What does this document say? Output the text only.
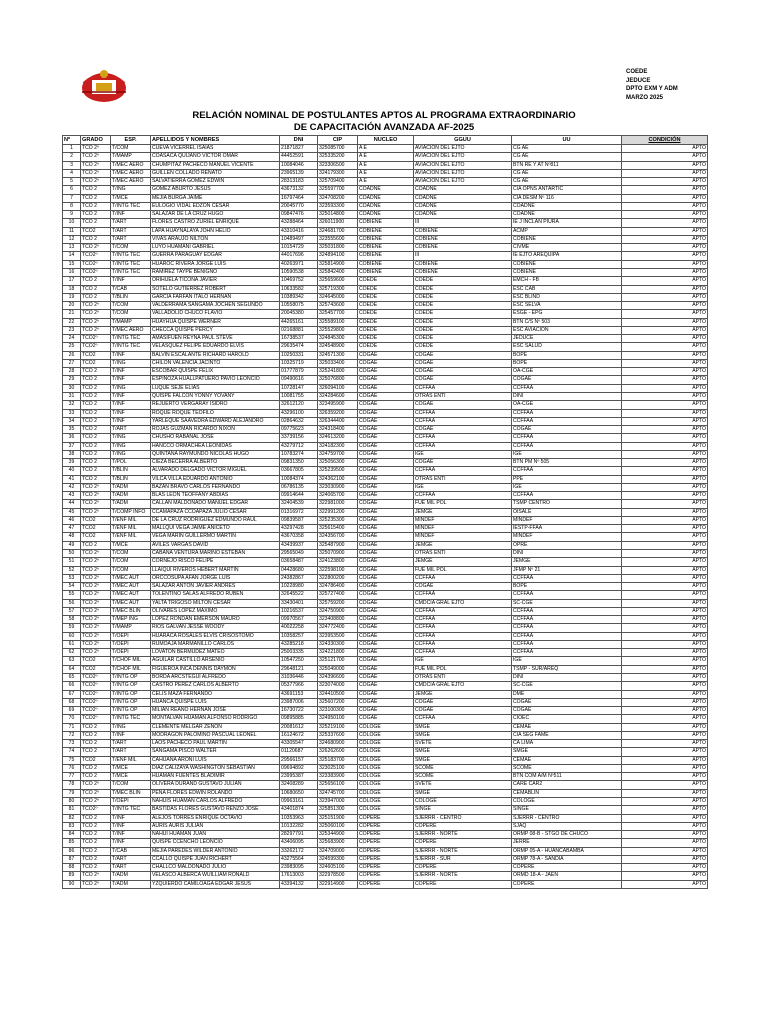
COEDE
JEDUCE
DPTO EXM Y ADM
MARZO 2025
RELACIÓN NOMINAL DE POSTULANTES APTOS AL PROGRAMA EXTRAORDINARIO
DE CAPACITACIÓN AVANZADA AF-2025
Nº	GRADO	ESP.	APELLIDOS Y NOMBRES	DNI	CIP	NUCLEO	GGUU	UU	CONDICIÓN
1	TCO 2º	T/COM	CUEVA VICERREL ISAIAS	21871827	325085700	A E	AVIACION DEL EJTO	CG AE	APTO
2	TCO 2º	T/MAMP	COASACA QUIJANO VICTOR OMAR	44452591	325335200	A E	AVIACION DEL EJTO	CG AE	APTO
3	TCO 2º	T/MEC AERO	CHUMPITAZ PACHECO MANUEL VICENTE	10084046	323306500	A E	AVIACION DEL EJTO	BTN RE Y AT Nº811	APTO
4	TCO 2º	T/MEC AERO	GUILLEN COLLADO RENATO	23965139	324179300	A E	AVIACION DEL EJTO	CG AE	APTO
5	TCO 2º	T/MEC AERO	SALVATIERRA GOMEZ EDWIN	28313183	325709400	A E	AVIACION DEL EJTO	CG AE	APTO
6	TCO 2	T/ING	GOMEZ ABURTO JESUS	43673132	325597700	COADNE	COADNE	CIA OPNS ANTARTIC	APTO
7	TCO 2	T/MCE	MEJIA BURGA JAIME	16797464	324708200	COADNE	COADNE	CIA DESM Nº 116	APTO
8	TCO 2	T/INTG TEC	EULOGIO VIDAL EDZON CESAR	20045770	323593300	COADNE	COADNE	COADNE	APTO
9	TCO 2	T/INF	SALAZAR DE LA CRUZ HUGO	09847476	325014800	COADNE	COADNE	COADNE	APTO
10	TCO 2	T/ART	FLORES CASTRO ZURIEL ENRIQUE	43288464	326011900	COBIENE	III	IE J INCLAN PIURA	APTO
11	TCO2	T/ART	LAPA HUAYNALAYA JOHN HELIO	43310416	324681700	COBIENE	COBIENE	ACMP	APTO
12	TCO 2	T/ART	VIVAS ARAUJO NILTON	10489497	323555600	COBIENE	COBIENE	COBIENE	APTO
13	TCO 2º	T/COM	LUYO HUAMANI GABRIEL	10154729	325031800	COBIENE	COBIENE	CIVME	APTO
14	TCO2º	T/INTG TEC	GUERRA PARAGUAY EDGAR	44017696	324894100	COBIENE	III	IE EJTO AREQUIPA	APTO
15	TCO2º	T/INTG TEC	HUAROC RIVERA JORGE LUIS	40263971	325814900	COBIENE	COBIENE	COBIENE	APTO
16	TCO2º	T/INTG TEC	RAMIREZ TAYPE BENIGNO	10590538	325842400	COBIENE	COBIENE	COBIENE	APTO
17	TCO 2	T/INF	ORIHUELA TICONA JAVIER	10469752	325659600	COEDE	COEDE	EMCH - FB	APTO
18	TCO 2	T/CAB	SOTELO GUTIERREZ ROBERT	10633582	325719300	COEDE	COEDE	ESC CAB	APTO
19	TCO 2	T/BLIN	GARCIA FARFAN ITALO HERNAN	10389342	324645000	COEDE	COEDE	ESC BLIND	APTO
20	TCO 2º	T/COM	VALDERRAMA SANGAMA JOCHEN SEGUNDO	10558075	325743600	COEDE	COEDE	ESC SELVA	APTO
21	TCO 2º	T/COM	VALLADOLID CHUCO FLAVIO	20045380	325457700	COEDE	COEDE	ESGE - EPG	APTO
22	TCO 2º	T/MAMP	HUAYHUA QUISPE WERNER	44265161	325589100	COEDE	COEDE	BTN C/S Nº 503	APTO
23	TCO 2º	T/MEC AERO	CHECCA QUISPE PERCY	02168881	325529800	COEDE	COEDE	ESC AVIACION	APTO
24	TCO2º	T/INTG TEC	AMASIFUEN REYNA PAUL STEVE	16738537	324845300	COEDE	COEDE	JEDUCE	APTO
25	TCO2º	T/INTG TEC	VELASQUEZ FELIPE EDUARDO ELVIS	29635474	324548900	COEDE	COEDE	ESC SALUD	APTO
26	TCO2	T/INF	BALVIN ESCALANTE RICHARD HAROLD	10250331	324571300	COGAE	COGAE	BOPE	APTO
27	TCO2	T/ING	CHILON VALENCIA JACINTO	10325719	325033400	COGAE	COGAE	BOPE	APTO
28	TCO 2	T/INF	ESCOBAR QUISPE FELIX	01777879	325241800	COGAE	COGAE	OA-CGE	APTO
29	TCO 2	T/INF	ESPINOZA HUALLPATUERO PAVIO LEONCIO	09490616	325076800	COGAE	COGAE	COGAE	APTO
30	TCO 2	T/ING	LUQUE SEJE ELIAS	10728147	326094100	COGAE	CCFFAA	CCFFAA	APTO
31	TCO 2	T/INF	QUISPE FALCON YONNY YOVANY	10081755	324284600	COGAE	OTRAS ENTI	DINI	APTO
32	TCO 2	T/INF	REJUERTO VERGARAY ISIDRO	32612120	323495900	COGAE	COGAE	OA-CGE	APTO
33	TCO 2	T/INF	ROQUE ROQUE TEOFILO	43296100	326359200	COGAE	CCFFAA	CCFFAA	APTO
34	TCO 2	T/INF	YARLEQUE SAAVEDRA EDWARD ALEJANDRO	02864632	326344400	COGAE	CCFFAA	CCFFAA	APTO
35	TCO 2	T/ART	ROJAS GUZMAN RICARDO NIXON	09775623	324318400	COGAE	COGAE	COGAE	APTO
36	TCO 2	T/ING	CHUSHO RABANAL JOSE	33739156	324613200	COGAE	CCFFAA	CCFFAA	APTO
37	TCO 2	T/ING	HANCCO ORMACHEA LEONIDAS	43279712	324182300	COGAE	CCFFAA	CCFFAA	APTO
38	TCO 2	T/ING	QUINTANA RAYMUNDO NICOLAS HUGO	10783274	324759700	COGAE	IGE	IGE	APTO
39	TCO 2	T/POL	CIEZA BECERRA ALBERTO	09831350	325056300	COGAE	COGAE	BTN PM Nº 505	APTO
40	TCO 2	T/BLIN	ALVARADO DELGADO VICTOR MIGUEL	03667805	325239500	COGAE	CCFFAA	CCFFAA	APTO
41	TCO 2	T/BLIN	VILCA VILLA EDUARDO ANTONIO	10084374	324362100	COGAE	OTRAS ENTI	PPE	APTO
42	TCO 2º	T/ADM	BAZAN BRAVO CARLOS FERNANDO	06786135	323030900	COGAE	IGE	IGE	APTO
43	TCO 2º	T/ADM	BLAS LEON TEOFFANY ABDIAS	09914644	324065700	COGAE	CCFFAA	CCFFAA	APTO
44	TCO 2º	T/ADM	CALLAN MALDONADO MANUEL EDGAR	32404539	322981000	COGAE	FUE MIL POL	TSMP CENTRO	APTO
45	TCO 2º	T/COMP INFO	CCAMAPAZA CCOAPAZA JULIO CESAR	01316972	322991200	COGAE	JEMGE	OISALE	APTO
46	TCO2	T/ENF MIL	DE LA CRUZ RODRIGUEZ EDMUNDO RAUL	09839587	325235300	COGAE	MINDEF	MINDEF	APTO
47	TCO2	T/ENF MIL	MALLQUI VEGA JAIME ANICETO	43297428	325615400	COGAE	MINDEF	IESTP-FFAA	APTO
48	TCO2	T/ENF MIL	VEGA MARIN GUILLERMO MARTIN	43670358	324356700	COGAE	MINDEF	MINDEF	APTO
49	TCO 2	T/MCE	AVILES VARGAS DAVID	43439937	325487900	COGAE	JEMGE	OPRE	APTO
50	TCO 2º	T/COM	CABANA VENTURA MARINO ESTEBAN	29565049	325070900	COGAE	OTRAS ENTI	DINI	APTO
51	TCO 2º	T/COM	CORNEJO RISCO FELIPE	03658487	324123800	COGAE	JEMGE	JEMGE	APTO
52	TCO 2º	T/COM	LLAIQUI RIVEROS HEBERT MARTIN	04428680	322598100	COGAE	FUE MIL POL	JFMP Nº 21	APTO
53	TCO 2º	T/MEC AUT	ORCCOSUPA AFAN JORGE LUIS	24382867	322800200	COGAE	CCFFAA	CCFFAA	APTO
54	TCO 2º	T/MEC AUT	SALAZAR ANTON JAVIER ANDRES	10228980	324786400	COGAE	COGAE	BOPE	APTO
55	TCO 2º	T/MEC AUT	TOLENTINO SALAS ALFREDO RUBEN	32645522	325727400	COGAE	CCFFAA	CCFFAA	APTO
56	TCO 2º	T/MEC AUT	YALTA TRIGOSO MILTON CESAR	33430401	325759200	COGAE	CMDCIA GRAL EJTO	SC-CGE	APTO
57	TCO 2º	T/MEC BLIN	OLIVARES LOPEZ MAXIMO	10216537	324750900	COGAE	CCFFAA	CCFFAA	APTO
58	TCO 2º	T/MEP ING	LOPEZ RONDAN EMERSON MAURO	09970567	323408800	COGAE	CCFFAA	CCFFAA	APTO
59	TCO 2º	T/MAMP	RIOS GALVAN JESSE WOODY	40022258	324772400	COGAE	CCFFAA	CCFFAA	APTO
60	TCO 2º	T/OEPI	HUARACA ROSALES ELVIS CRISOSTOMO	10358257	323953500	COGAE	CCFFAA	CCFFAA	APTO
61	TCO 2º	T/OEPI	RUMOAJA MARMANILLO CARLOS	43285218	324330300	COGAE	CCFFAA	CCFFAA	APTO
62	TCO 2º	T/OEPI	LOVATON BERMUDEZ MATEO	25003335	324221800	COGAE	CCFFAA	CCFFAA	APTO
63	TCO2	T/CHOF MIL	AGUILAR CASTILLO ARSENIO	10547250	325121700	COGAE	IGE	IGE	APTO
64	TCO2	T/CHOF MIL	FIGUEROA INCA DENNIS DAYMON	29648121	325049000	COGAE	FUE MIL POL	TSMP - SUR/AREQ	APTO
65	TCO2º	T/INTG OP	BORDA ARCSTEGUI ALFREDO	31036446	324396600	COGAE	OTRAS ENTI	DINI	APTO
66	TCO2º	T/INTG OP	CASTRO PEREZ CARLOS ALBERTO	05377966	323074000	COGAE	CMDCIA GRAL EJTO	SC-CGE	APTO
67	TCO2º	T/INTG OP	CELIS MAZA FERNANDO	43691153	324410500	COGAE	JEMGE	DME	APTO
68	TCO2º	T/INTG OP	HUANCA QUISPE LUIS	23987006	325607200	COGAE	COGAE	COGAE	APTO
69	TCO2º	T/INTG OP	MILIAN REANO HERNAN JOSE	16730722	323100300	COGAE	COGAE	COGAE	APTO
70	TCO2º	T/INTG TEC	MONTALVAN HUAMAN ALFONSO RODRIGO	09895885	324950100	COGAE	CCFFAA	CIOEC	APTO
71	TCO 2	T/ING	CLEMENTE MELGAR ZENON	20081612	325219100	COLOGE	SMGE	CEMAE	APTO
72	TCO 2	T/INF	MODRAGON PALOMINO PASCUAL LEONEL	16124672	325337600	COLOGE	SMGE	CIA SEG FAME	APTO
73	TCO 2	T/ART	LAOS PACHECO PAUL MARTIN	43305547	324680900	COLOGE	SVETE	CA LIMA	APTO
74	TCO 2	T/ART	SANGAMA PISCO WALTER	01120687	326262600	COLOGE	SMGE	SMGE	APTO
75	TCO2	T/ENF MIL	CAHUANA ARONI LUIS	29566157	325183700	COLOGE	SMGE	CEMAE	APTO
76	TCO 2	T/MCE	DIAZ CALIZAYA WASHINGTON SEBASTIAN	09694892	323025100	COLOGE	SCOME	SCOME	APTO
77	TCO 2	T/MCE	HUAMAN FUENTES BLADIMIR	23995387	323383900	COLOGE	SCOME	BTN COM A/M Nº511	APTO
78	TCO 2º	T/COM	OLIVERA DURAND GUSTAVO JULIAN	32408289	325656100	COLOGE	SVETE	CARE CAR2	APTO
79	TCO 2º	T/MEC BLIN	PEÑA FLORES EDWIN ROLANDO	10680650	324745700	COLOGE	SMGE	CEMABLIN	APTO
80	TCO 2º	T/OEPI	NAHUIS HUAMAN CARLOS ALFREDO	09963161	323947000	COLOGE	COLOGE	COLOGE	APTO
81	TCO2º	T/INTG TEC	BASTIDAS FLORES GUSTAVO RENZO JOSE	43401874	325851300	COLOGE	SINGE	SINGE	APTO
82	TCO 2	T/INF	ALEJOS TORRES ENRIQUE OCTAVIO	10353963	325151900	COPERE	SJERRR - CENTRO	SJERRR - CENTRO	APTO
83	TCO 2	T/INF	AURIS AURIS JULIAN	10132282	325060100	COPERE	COPERE	SJAQ	APTO
84	TCO 2	T/INF	NAHUI HUAMAN JUAN	28297791	325344900	COPERE	SJERRR - NORTE	ORMP 08-B - STGO DE CHUCO	APTO
85	TCO 2	T/INF	QUISPE CCENCHO LEONCIO	43406095	325683900	COPERE	COPERE	JERRE	APTO
86	TCO 2	T/CAB	MEJIA PAREDES WILDER ANTONIO	33262172	324709000	COPERE	SJERRR - NORTE	ORMP 05-A - HUANCABAMBA	APTO
87	TCO 2	T/ART	CCALLO QUISPE JUAN RICHERT	43275564	324599300	COPERE	SJERRR - SUR	ORMP 78-A - SANDIA	APTO
88	TCO 2	T/ART	CHALLCO MALDONADO JULIO	23983095	324605100	COPERE	COPERE	COPERE	APTO
89	TCO 2º	T/ADM	VELASCO ALBERCA WUILLIAM RONALD	17613003	322978500	COPERE	SJERRR - NORTE	ORMD 18-A - JAEN	APTO
90	TCO 2º	T/ADM	YZQUIERDO CAMILOAGA EDGAR JESUS	43394132	322914900	COPERE	COPERE	COPERE	APTO
